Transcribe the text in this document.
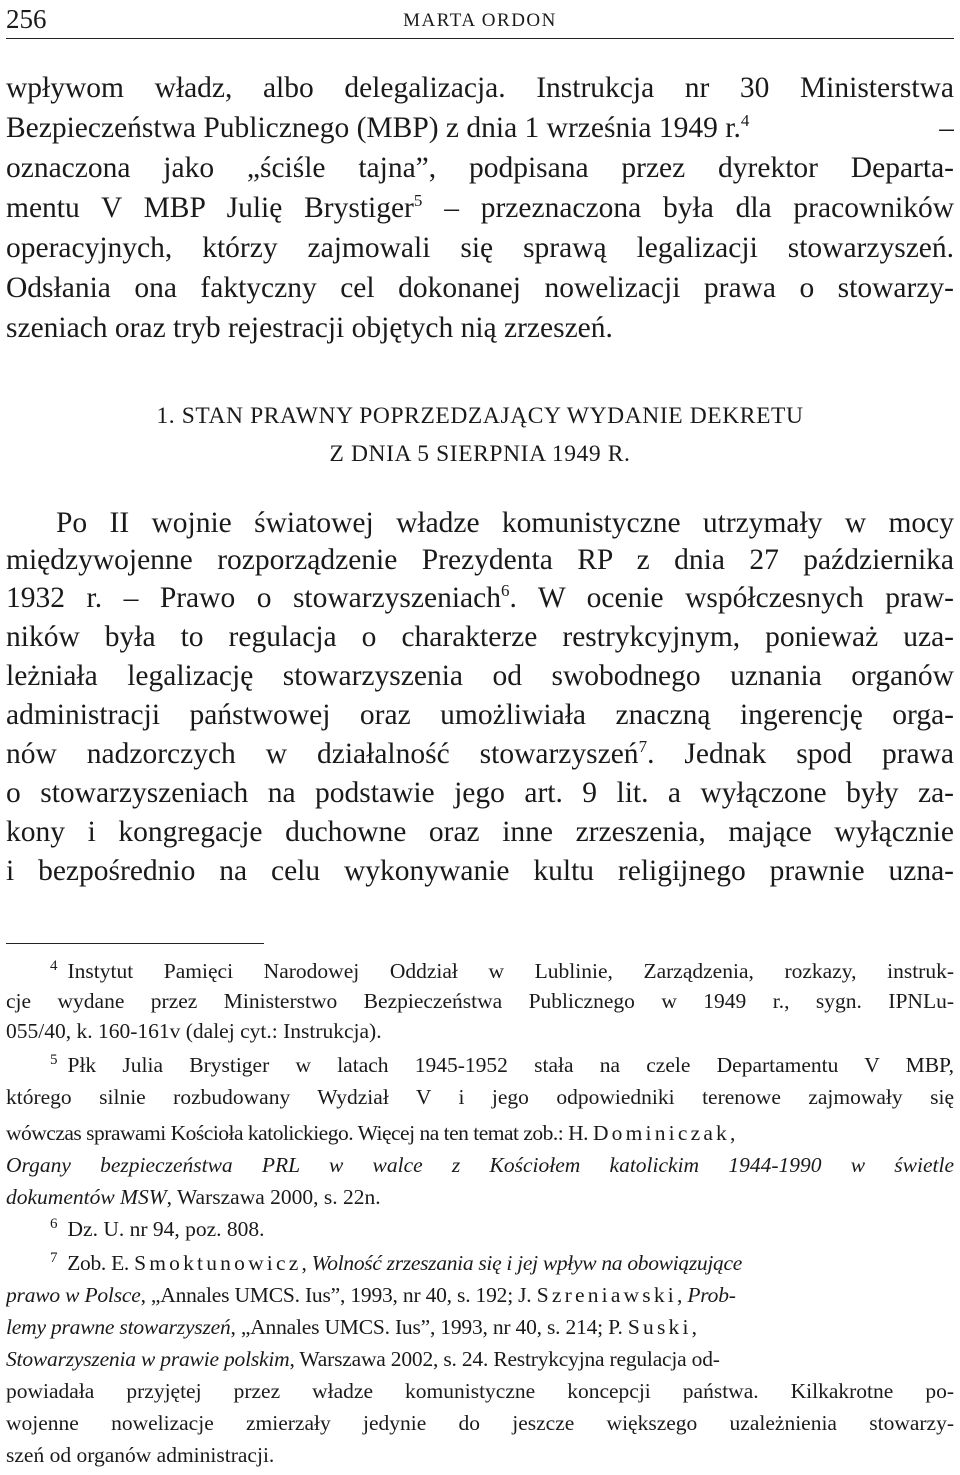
256	MARTA ORDON
wpływom władz, albo delegalizacja. Instrukcja nr 30 Ministerstwa
Bezpieczeństwa Publicznego (MBP) z dnia 1 września 1949 r.$^4$	–
oznaczona jako „ściśle tajna”, podpisana przez dyrektor Departa-
mentu V MBP Julię Brystiger$^5$ – przeznaczona była dla pracowników
operacyjnych, którzy zajmowali się sprawą legalizacji stowarzyszeń.
Odsłania ona faktyczny cel dokonanej nowelizacji prawa o stowarzy-
szeniach oraz tryb rejestracji objętych nią zrzeszeń.
1. STAN PRAWNY POPRZEDZAJĄCY WYDANIE DEKRETU
Z DNIA 5 SIERPNIA 1949 R.
Po II wojnie światowej władze komunistyczne utrzymały w mocy
międzywojenne rozporządzenie Prezydenta RP z dnia 27 października
1932 r. – Prawo o stowarzyszeniach$^6$. W ocenie współczesnych praw-
ników była to regulacja o charakterze restrykcyjnym, ponieważ uza-
leżniała legalizację stowarzyszenia od swobodnego uznania organów
administracji państwowej oraz umożliwiała znaczną ingerencję orga-
nów nadzorczych w działalność stowarzyszeń$^7$. Jednak spod prawa
o stowarzyszeniach na podstawie jego art. 9 lit. a wyłączone były za-
kony i kongregacje duchowne oraz inne zrzeszenia, mające wyłącznie
i bezpośrednio na celu wykonywanie kultu religijnego prawnie uzna-
$^4$ Instytut Pamięci Narodowej Oddział w Lublinie, Zarządzenia, rozkazy, instruk-
cje wydane przez Ministerstwo Bezpieczeństwa Publicznego w 1949 r., sygn. IPNLu-
055/40, k. 160-161v (dalej cyt.: Instrukcja).
$^5$ Płk Julia Brystiger w latach 1945-1952 stała na czele Departamentu V MBP,
którego silnie rozbudowany Wydział V i jego odpowiedniki terenowe zajmowały się
wówczas sprawami Kościoła katolickiego. Więcej na ten temat zob.: H. Dominiczak,
Organy bezpieczeństwa PRL w walce z Kościołem katolickim 1944-1990 w świetle
dokumentów MSW, Warszawa 2000, s. 22n.
$^6$ Dz. U. nr 94, poz. 808.
$^7$ Zob. E. Smoktunowicz, Wolność zrzeszania się i jej wpływ na obowiązujące
prawo w Polsce, „Annales UMCS. Ius”, 1993, nr 40, s. 192; J. Szreniawski, Prob-
lemy prawne stowarzyszeń, „Annales UMCS. Ius”, 1993, nr 40, s. 214; P. Suski,
Stowarzyszenia w prawie polskim, Warszawa 2002, s. 24. Restrykcyjna regulacja od-
powiadała przyjętej przez władze komunistyczne koncepcji państwa. Kilkakrotne po-
wojenne nowelizacje zmierzały jedynie do jeszcze większego uzależnienia stowarzy-
szeń od organów administracji.
